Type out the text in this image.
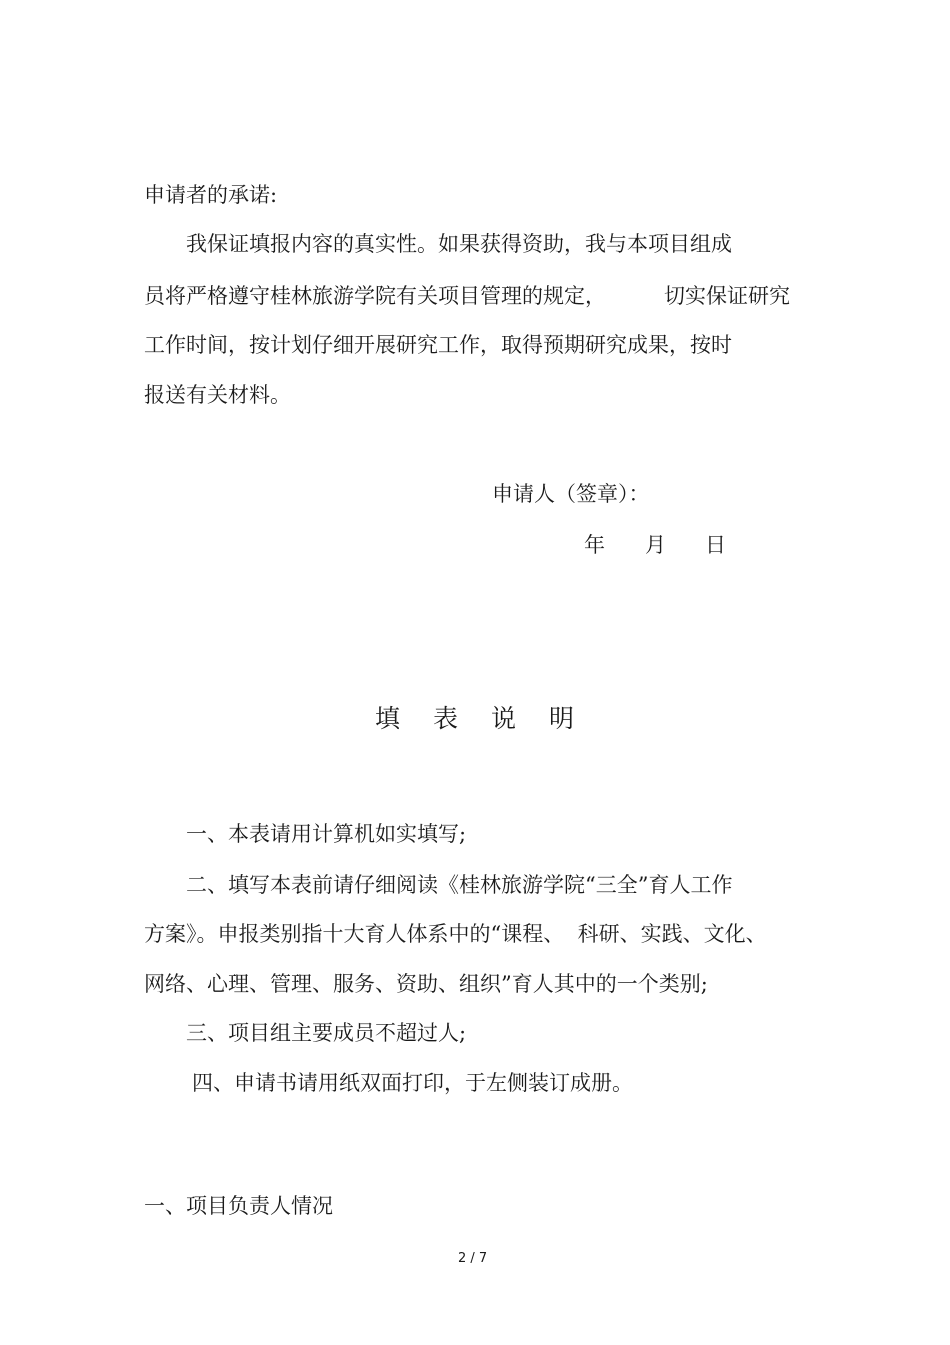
申请者的承诺:
我保证填报内容的真实性。如果获得资助，我与本项目组成
员将严格遵守桂林旅游学院有关项目管理的规定，	切实保证研究
工作时间，按计划仔细开展研究工作，取得预期研究成果，按时
报送有关材料。
申请人（签章）：
年 月 日
填 表 说 明
一、本表请用计算机如实填写;
二、填写本表前请仔细阅读《桂林旅游学院“三全”育人工作
方案》。申报类别指十大育人体系中的“课程、  科研、实践、文化、
网络、心理、管理、服务、资助、组织”育人其中的一个类别;
三、项目组主要成员不超过人;
四、申请书请用纸双面打印，于左侧装订成册。
一、项目负责人情况
2 / 7
